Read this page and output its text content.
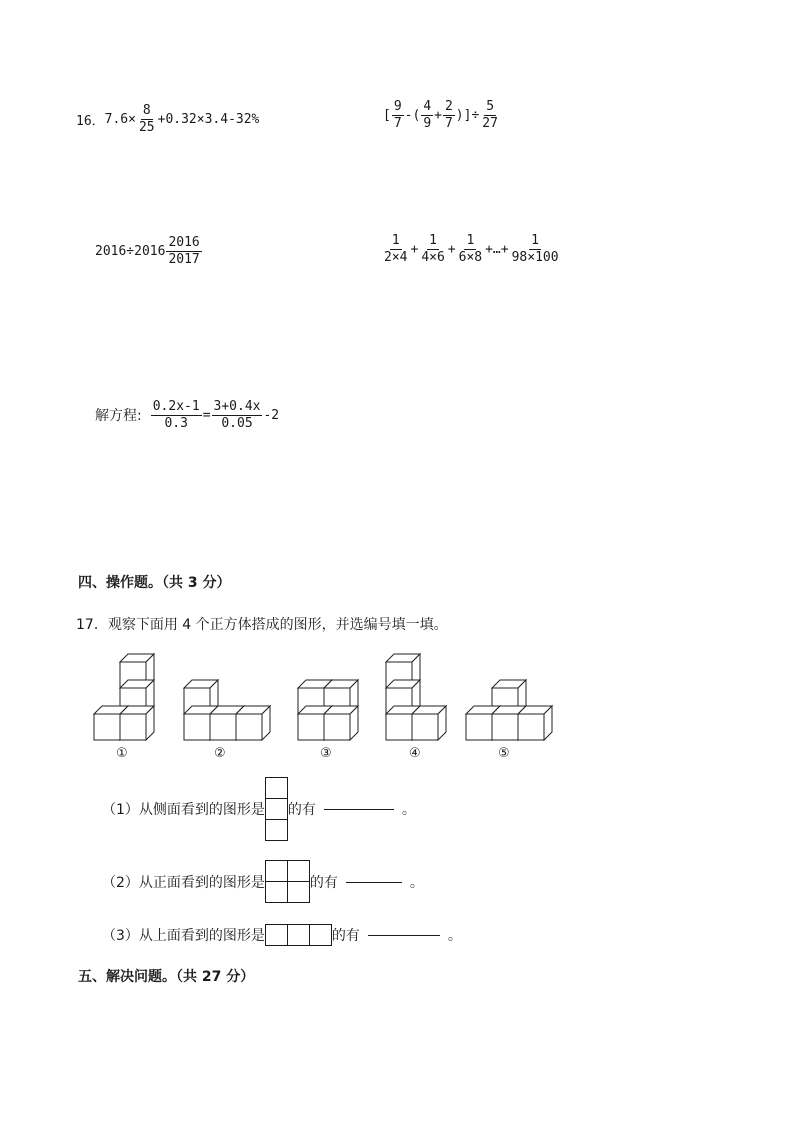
16． $7.6\times \frac{8}{25} +0.32\times 3.4-32\%$	[ $\frac{9}{7}$ -( $\frac{4}{9} + \frac{2}{7}$ )]÷ $\frac{5}{27}$
$2016\div 2016 \frac{2016}{2017}$	$\frac{1}{2\times 4} + \frac{1}{4\times 6} + \frac{1}{6\times 8}$ +…+ $\frac{1}{98\times 100}$
解方程: $\frac{0.2x-1}{0.3} = \frac{3+0.4x}{0.05} -2$
四、操作题。（共 3 分）
17．观察下面用 4 个正方体搭成的图形，并选编号填一填。
①	②	③	④	⑤
（1）从侧面看到的图形是 的有	。
（2）从正面看到的图形是

		的有	。
（3）从上面看到的图形是
			的有	。
五、解决问题。（共 27 分）
